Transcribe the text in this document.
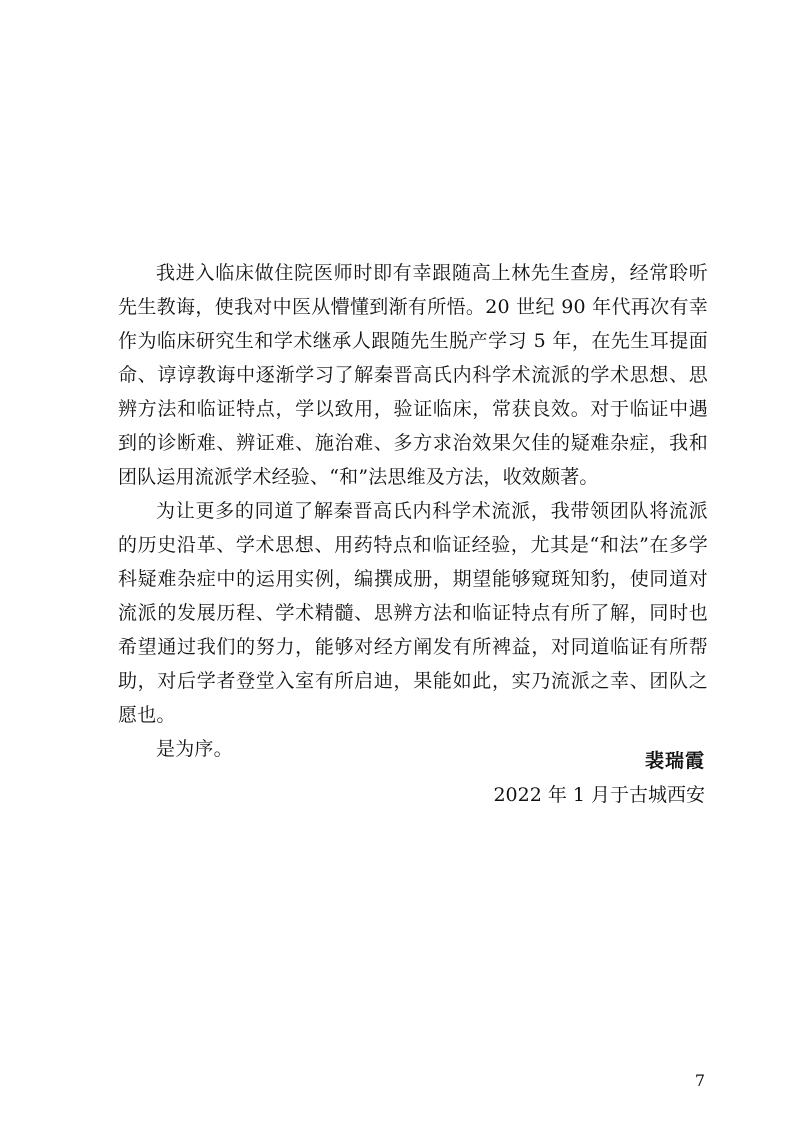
我进入临床做住院医师时即有幸跟随高上林先生查房，经常聆听先生教诲，使我对中医从懵懂到渐有所悟。20 世纪 90 年代再次有幸作为临床研究生和学术继承人跟随先生脱产学习 5 年，在先生耳提面命、谆谆教诲中逐渐学习了解秦晋高氏内科学术流派的学术思想、思辨方法和临证特点，学以致用，验证临床，常获良效。对于临证中遇到的诊断难、辨证难、施治难、多方求治效果欠佳的疑难杂症，我和团队运用流派学术经验、“和”法思维及方法，收效颇著。

为让更多的同道了解秦晋高氏内科学术流派，我带领团队将流派的历史沿革、学术思想、用药特点和临证经验，尤其是“和法”在多学科疑难杂症中的运用实例，编撰成册，期望能够窥斑知豹，使同道对流派的发展历程、学术精髓、思辨方法和临证特点有所了解，同时也希望通过我们的努力，能够对经方阐发有所裨益，对同道临证有所帮助，对后学者登堂入室有所启迪，果能如此，实乃流派之幸、团队之愿也。

是为序。

裴瑞霞
2022 年 1 月于古城西安
7
